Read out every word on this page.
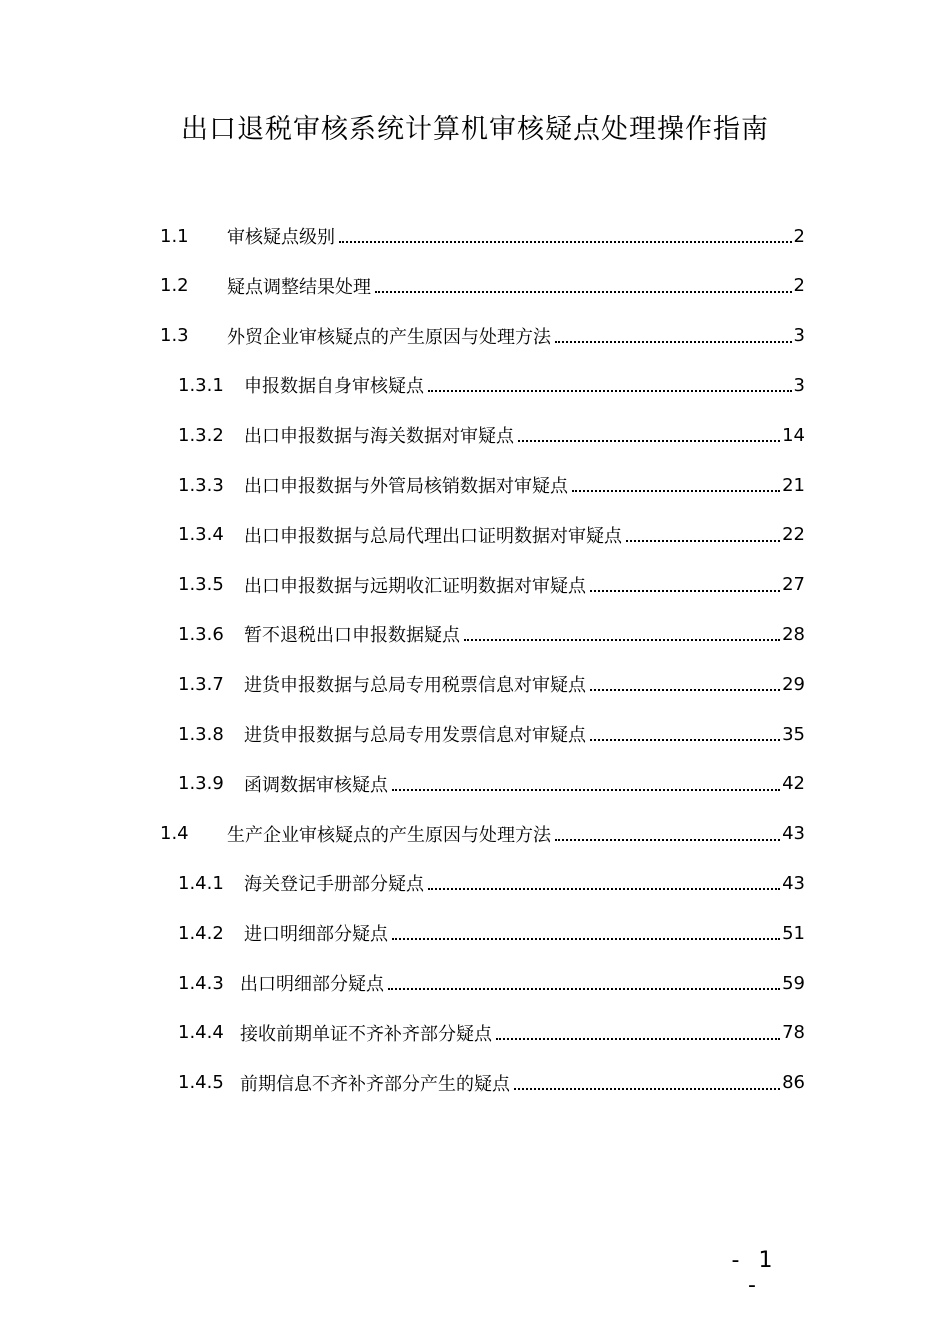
出口退税审核系统计算机审核疑点处理操作指南
1.1	审核疑点级别	2
1.2	疑点调整结果处理	2
1.3	外贸企业审核疑点的产生原因与处理方法	3
1.3.1	申报数据自身审核疑点	3
1.3.2	出口申报数据与海关数据对审疑点	14
1.3.3	出口申报数据与外管局核销数据对审疑点	21
1.3.4	出口申报数据与总局代理出口证明数据对审疑点	22
1.3.5	出口申报数据与远期收汇证明数据对审疑点	27
1.3.6	暂不退税出口申报数据疑点	28
1.3.7	进货申报数据与总局专用税票信息对审疑点	29
1.3.8	进货申报数据与总局专用发票信息对审疑点	35
1.3.9	函调数据审核疑点	42
1.4	生产企业审核疑点的产生原因与处理方法	43
1.4.1	海关登记手册部分疑点	43
1.4.2	进口明细部分疑点	51
1.4.3 出口明细部分疑点	59
1.4.4 接收前期单证不齐补齐部分疑点	78
1.4.5 前期信息不齐补齐部分产生的疑点	86
- 1 -
